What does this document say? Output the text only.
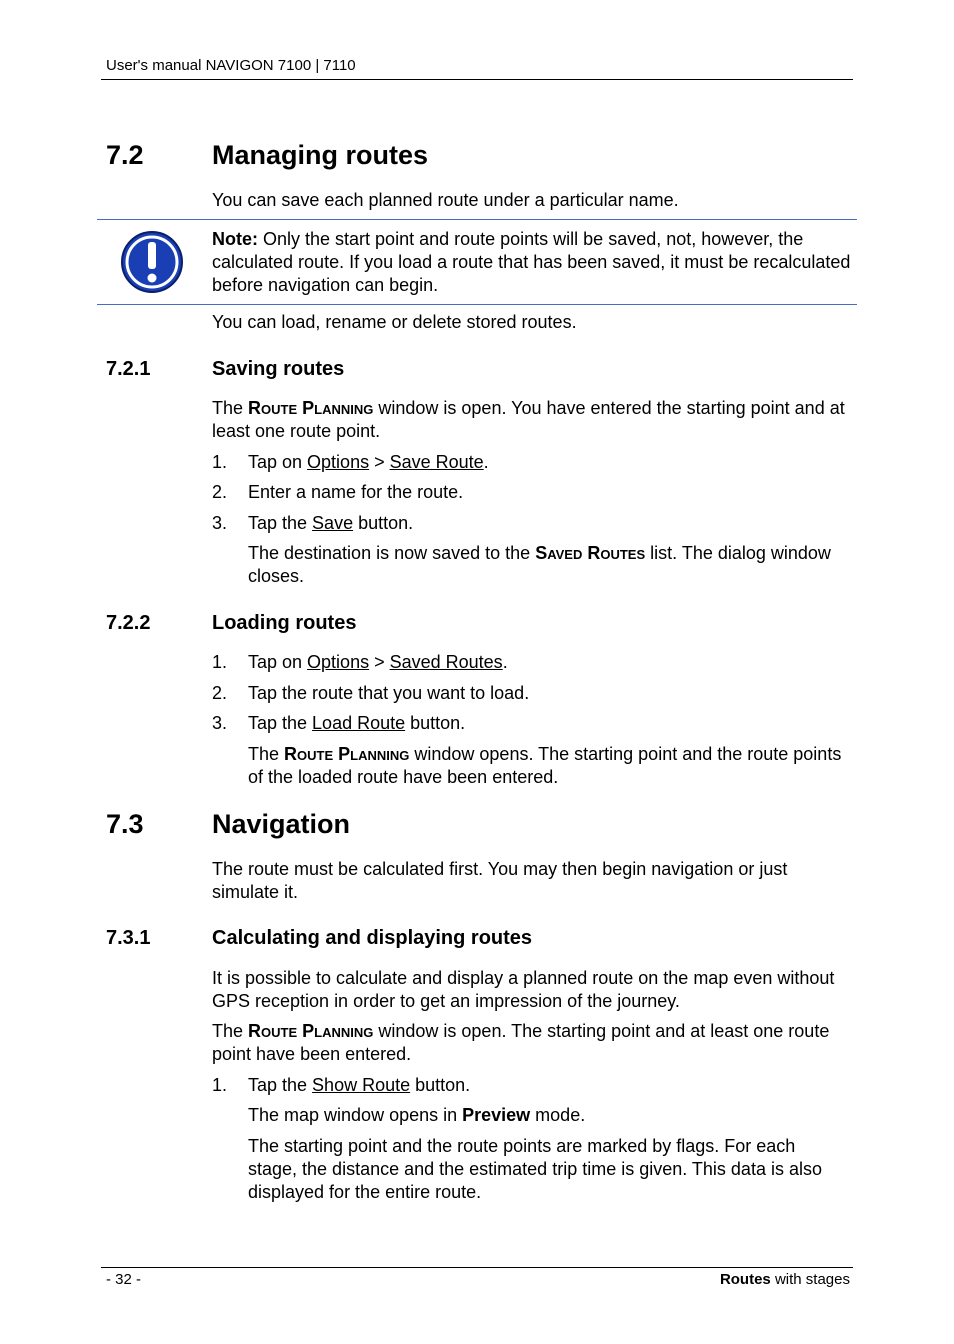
User's manual NAVIGON 7100 | 7110
7.2	Managing routes
You can save each planned route under a particular name.
Note: Only the start point and route points will be saved, not, however, the calculated route. If you load a route that has been saved, it must be recalculated before navigation can begin.
You can load, rename or delete stored routes.
7.2.1	Saving routes
The Route Planning window is open. You have entered the starting point and at least one route point.
1. Tap on Options > Save Route.
2. Enter a name for the route.
3. Tap the Save button.
The destination is now saved to the Saved Routes list. The dialog window closes.
7.2.2	Loading routes
1. Tap on Options > Saved Routes.
2. Tap the route that you want to load.
3. Tap the Load Route button.
The Route Planning window opens. The starting point and the route points of the loaded route have been entered.
7.3	Navigation
The route must be calculated first. You may then begin navigation or just simulate it.
7.3.1	Calculating and displaying routes
It is possible to calculate and display a planned route on the map even without GPS reception in order to get an impression of the journey.
The Route Planning window is open. The starting point and at least one route point have been entered.
1. Tap the Show Route button.
The map window opens in Preview mode.
The starting point and the route points are marked by flags. For each stage, the distance and the estimated trip time is given. This data is also displayed for the entire route.
- 32 -	Routes with stages
